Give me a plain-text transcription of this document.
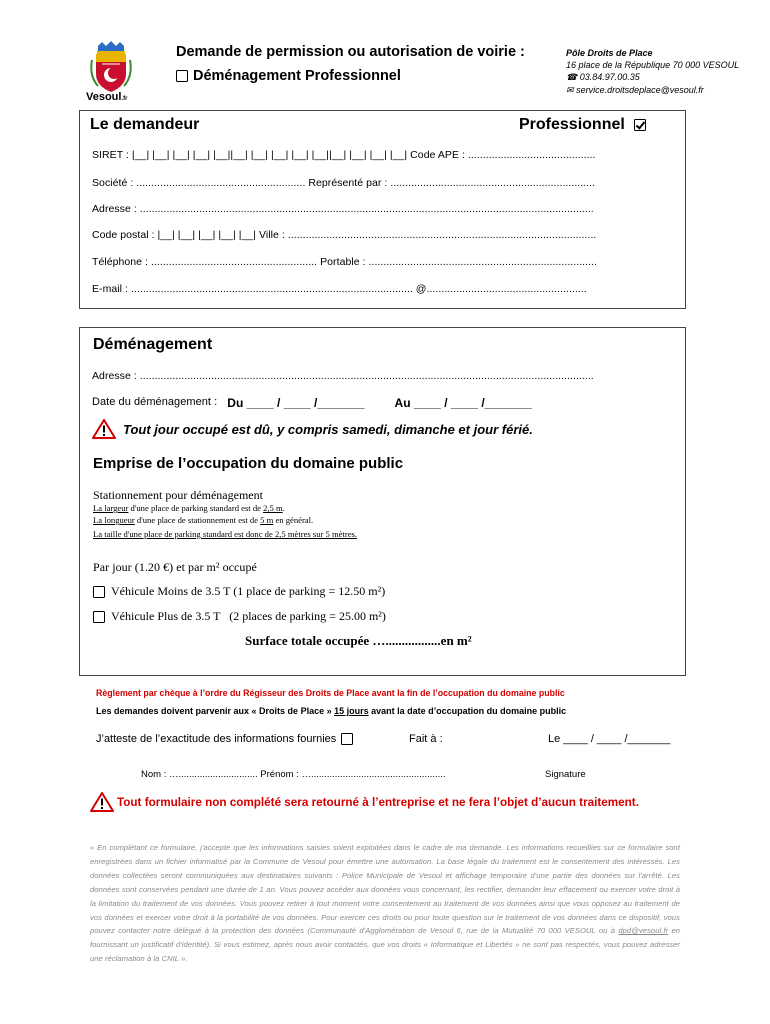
Vesoul.fr
Demande de permission ou autorisation de voirie :
Déménagement Professionnel
Pôle Droits de Place
16 place de la République 70 000 VESOUL
☎ 03.84.97.00.35
✉ service.droitsdeplace@vesoul.fr
Le demandeur	Professionnel
SIRET : |__| |__| |__| |__| |__||__| |__| |__| |__| |__||__| |__| |__| |__| Code APE : ...........................................
Société : ......................................................... Représenté par : .....................................................................
Adresse : .........................................................................................................................................................
Code postal : |__| |__| |__| |__| |__| Ville : ........................................................................................................
Téléphone : ........................................................ Portable : .............................................................................
E-mail : ............................................................................................... @......................................................
Déménagement
Adresse : .........................................................................................................................................................
Date du déménagement : Du ____ / ____ /_______	Au ____ / ____ /_______
Tout jour occupé est dû, y compris samedi, dimanche et jour férié.
Emprise de l’occupation du domaine public
Stationnement pour déménagement
La largeur d'une place de parking standard est de 2,5 m.
La longueur d'une place de stationnement est de 5 m en général.
La taille d'une place de parking standard est donc de 2,5 mètres sur 5 mètres.
Par jour (1.20 €) et par m² occupé
Véhicule Moins de 3.5 T (1 place de parking = 12.50 m²)
Véhicule Plus de 3.5 T   (2 places de parking = 25.00 m²)
Surface totale occupée ….................en m²
Règlement par chèque à l’ordre du Régisseur des Droits de Place avant la fin de l’occupation du domaine public
Les demandes doivent parvenir aux « Droits de Place » 15 jours avant la date d’occupation du domaine public
J’atteste de l’exactitude des informations fournies	Fait à :	Le ____ / ____ /_______
Nom : ….............................. Prénom : …...................................................	Signature
Tout formulaire non complété sera retourné à l’entreprise et ne fera l’objet d’aucun traitement.
« En complétant ce formulaire, j'accepte que les informations saisies soient exploitées dans le cadre de ma demande. Les informations recueillies sur ce formulaire sont enregistrées dans un fichier informatisé par la Commune de Vesoul pour émettre une autorisation. La base légale du traitement est le consentement des intéressés. Les données collectées seront communiquées aux destinataires suivants : Police Municipale de Vesoul et affichage temporaire d'une partie des données sur l'arrêté. Les données sont conservées pendant une durée de 1 an. Vous pouvez accéder aux données vous concernant, les rectifier, demander leur effacement ou exercer votre droit à la limitation du traitement de vos données. Vous pouvez retirer à tout moment votre consentement au traitement de vos données ainsi que vous opposez au traitement de vos données et exercer votre droit à la portabilité de vos données. Pour exercer ces droits ou pour toute question sur le traitement de vos données dans ce dispositif, vous pouvez contacter notre délégué à la protection des données (Communauté d'Agglomération de Vesoul 6, rue de la Mutualité 70 000 VESOUL ou à dpd@vesoul.fr en fournissant un justificatif d'identité). Si vous estimez, après nous avoir contactés, que vos droits « Informatique et Libertés » ne sont pas respectés, vous pouvez adresser une réclamation à la CNIL ».
